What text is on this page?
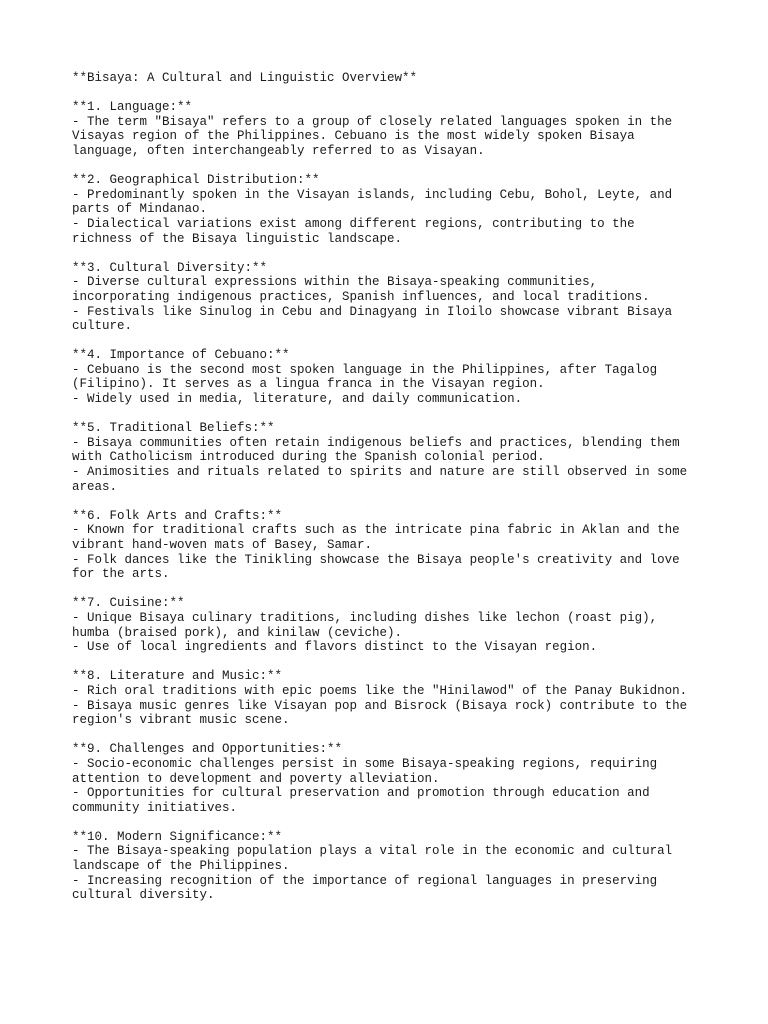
**Bisaya: A Cultural and Linguistic Overview**
**1. Language:**
- The term "Bisaya" refers to a group of closely related languages spoken in the
Visayas region of the Philippines. Cebuano is the most widely spoken Bisaya
language, often interchangeably referred to as Visayan.
**2. Geographical Distribution:**
- Predominantly spoken in the Visayan islands, including Cebu, Bohol, Leyte, and
parts of Mindanao.
- Dialectical variations exist among different regions, contributing to the
richness of the Bisaya linguistic landscape.
**3. Cultural Diversity:**
- Diverse cultural expressions within the Bisaya-speaking communities,
incorporating indigenous practices, Spanish influences, and local traditions.
- Festivals like Sinulog in Cebu and Dinagyang in Iloilo showcase vibrant Bisaya
culture.
**4. Importance of Cebuano:**
- Cebuano is the second most spoken language in the Philippines, after Tagalog
(Filipino). It serves as a lingua franca in the Visayan region.
- Widely used in media, literature, and daily communication.
**5. Traditional Beliefs:**
- Bisaya communities often retain indigenous beliefs and practices, blending them
with Catholicism introduced during the Spanish colonial period.
- Animosities and rituals related to spirits and nature are still observed in some
areas.
**6. Folk Arts and Crafts:**
- Known for traditional crafts such as the intricate pina fabric in Aklan and the
vibrant hand-woven mats of Basey, Samar.
- Folk dances like the Tinikling showcase the Bisaya people's creativity and love
for the arts.
**7. Cuisine:**
- Unique Bisaya culinary traditions, including dishes like lechon (roast pig),
humba (braised pork), and kinilaw (ceviche).
- Use of local ingredients and flavors distinct to the Visayan region.
**8. Literature and Music:**
- Rich oral traditions with epic poems like the "Hinilawod" of the Panay Bukidnon.
- Bisaya music genres like Visayan pop and Bisrock (Bisaya rock) contribute to the
region's vibrant music scene.
**9. Challenges and Opportunities:**
- Socio-economic challenges persist in some Bisaya-speaking regions, requiring
attention to development and poverty alleviation.
- Opportunities for cultural preservation and promotion through education and
community initiatives.
**10. Modern Significance:**
- The Bisaya-speaking population plays a vital role in the economic and cultural
landscape of the Philippines.
- Increasing recognition of the importance of regional languages in preserving
cultural diversity.
